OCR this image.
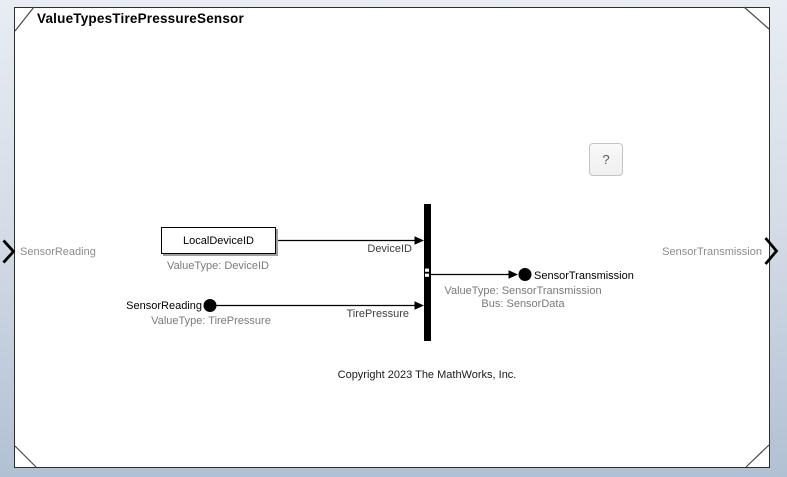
ValueTypesTirePressureSensor
?
SensorReading	SensorTransmission
LocalDeviceID
ValueType: DeviceID
SensorReading
ValueType: TirePressure
DeviceID
TirePressure
SensorTransmission
ValueType: SensorTransmission
Bus: SensorData
Copyright 2023 The MathWorks, Inc.
